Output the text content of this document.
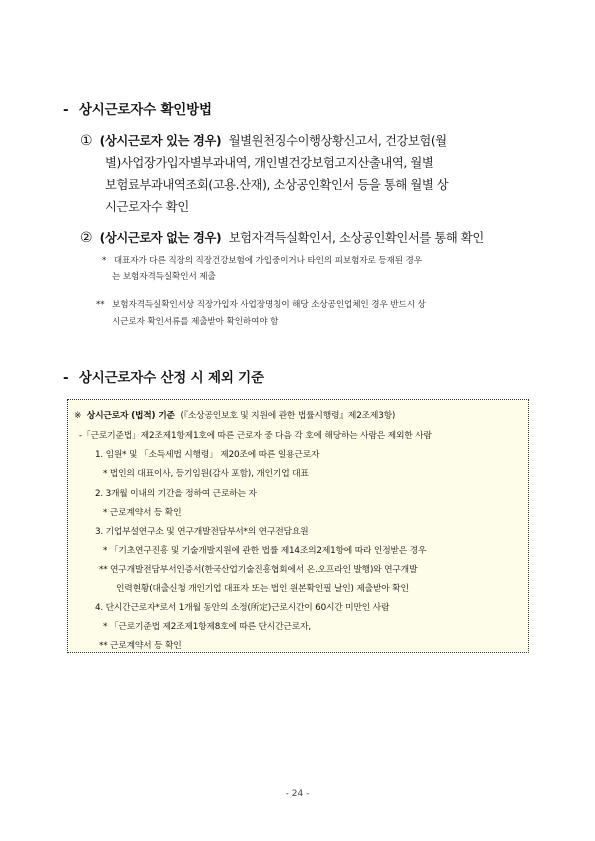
- 상시근로자수 확인방법
① (상시근로자 있는 경우) 월별원천징수이행상황신고서, 건강보험(월
별)사업장가입자별부과내역, 개인별건강보험고지산출내역, 월별
보험료부과내역조회(고용.산재), 소상공인확인서 등을 통해 월별 상
시근로자수 확인
② (상시근로자 없는 경우) 보험자격득실확인서, 소상공인확인서를 통해 확인
* 대표자가 다른 직장의 직장건강보험에 가입중이거나 타인의 피보험자로 등재된 경우
는 보험자격득실확인서 제출
** 보험자격득실확인서상 직장가입자 사업장명칭이 해당 소상공인업체인 경우 반드시 상
시근로자 확인서류를 제출받아 확인하여야 함
- 상시근로자수 산정 시 제외 기준
※ 상시근로자 (법적) 기준 (『소상공인보호 및 지원에 관한 법률시행령』제2조제3항)
-「근로기준법」제2조제1항제1호에 따른 근로자 중 다음 각 호에 해당하는 사람은 제외한 사람
1. 임원* 및 「소득세법 시행령」 제20조에 따른 일용근로자
* 법인의 대표이사, 등기임원(감사 포함), 개인기업 대표
2. 3개월 이내의 기간을 정하여 근로하는 자
* 근로계약서 등 확인
3. 기업부설연구소 및 연구개발전담부서*의 연구전담요원
* 「기초연구진흥 및 기술개발지원에 관한 법률 제14조의2제1항에 따라 인정받은 경우
** 연구개발전담부서인증서(한국산업기술진흥협회에서 온.오프라인 발행)와 연구개발
인력현황(대출신청 개인기업 대표자 또는 법인 원본확인필 날인) 제출받아 확인
4. 단시간근로자*로서 1개월 동안의 소정(所定)근로시간이 60시간 미만인 사람
* 「근로기준법 제2조제1항제8호에 따른 단시간근로자,
** 근로계약서 등 확인
- 24 -
